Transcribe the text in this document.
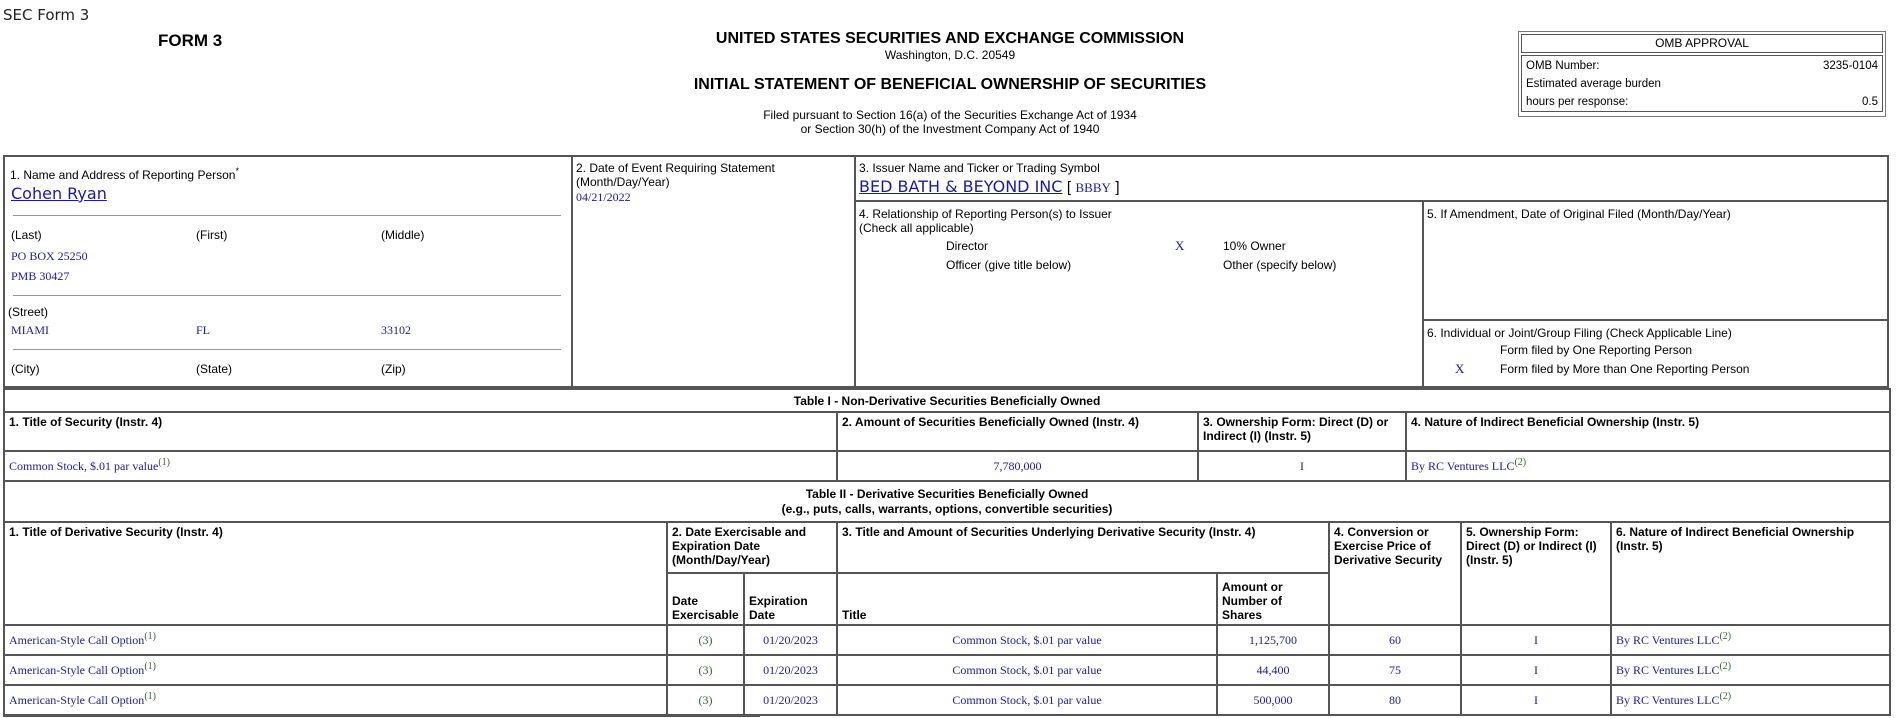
SEC Form 3
FORM 3	UNITED STATES SECURITIES AND EXCHANGE COMMISSION
Washington, D.C. 20549
INITIAL STATEMENT OF BENEFICIAL OWNERSHIP OF SECURITIES
Filed pursuant to Section 16(a) of the Securities Exchange Act of 1934
or Section 30(h) of the Investment Company Act of 1940
OMB APPROVAL
OMB Number:	3235-0104
Estimated average burden
hours per response:	0.5
1. Name and Address of Reporting Person*
Cohen Ryan
(Last)	(First)	(Middle)
PO BOX 25250
PMB 30427
(Street)
MIAMI	FL	33102
(City)	(State)	(Zip)
2. Date of Event Requiring Statement
(Month/Day/Year)
04/21/2022
3. Issuer Name and Ticker or Trading Symbol
BED BATH & BEYOND INC [ BBBY ]
4. Relationship of Reporting Person(s) to Issuer
(Check all applicable)
Director	X	10% Owner
Officer (give title below)	Other (specify below)
5. If Amendment, Date of Original Filed (Month/Day/Year)
6. Individual or Joint/Group Filing (Check Applicable Line)
Form filed by One Reporting Person
X	Form filed by More than One Reporting Person
Table I - Non-Derivative Securities Beneficially Owned			
1. Title of Security (Instr. 4)	2. Amount of Securities Beneficially Owned (Instr. 4)	3. Ownership Form: Direct (D) or Indirect (I) (Instr. 5)	4. Nature of Indirect Beneficial Ownership (Instr. 5)
Common Stock, $.01 par value$^{(1)}$	7,780,000	I	By RC Ventures LLC$^{(2)}$
Table II - Derivative Securities Beneficially Owned
(e.g., puts, calls, warrants, options, convertible securities)							

1. Title of Derivative Security (Instr. 4)	2. Date Exercisable and Expiration Date (Month/Day/Year)		3. Title and Amount of Securities Underlying Derivative Security (Instr. 4)		4. Conversion or Exercise Price of Derivative Security	5. Ownership Form: Direct (D) or Indirect (I) (Instr. 5)	6. Nature of Indirect Beneficial Ownership (Instr. 5)
	Date Exercisable	Expiration Date	Title	Amount or Number of Shares			
American-Style Call Option$^{(1)}$	(3)	01/20/2023	Common Stock, $.01 par value	1,125,700	60	I	By RC Ventures LLC$^{(2)}$
American-Style Call Option$^{(1)}$	(3)	01/20/2023	Common Stock, $.01 par value	44,400	75	I	By RC Ventures LLC$^{(2)}$
American-Style Call Option$^{(1)}$	(3)	01/20/2023	Common Stock, $.01 par value	500,000	80	I	By RC Ventures LLC$^{(2)}$
